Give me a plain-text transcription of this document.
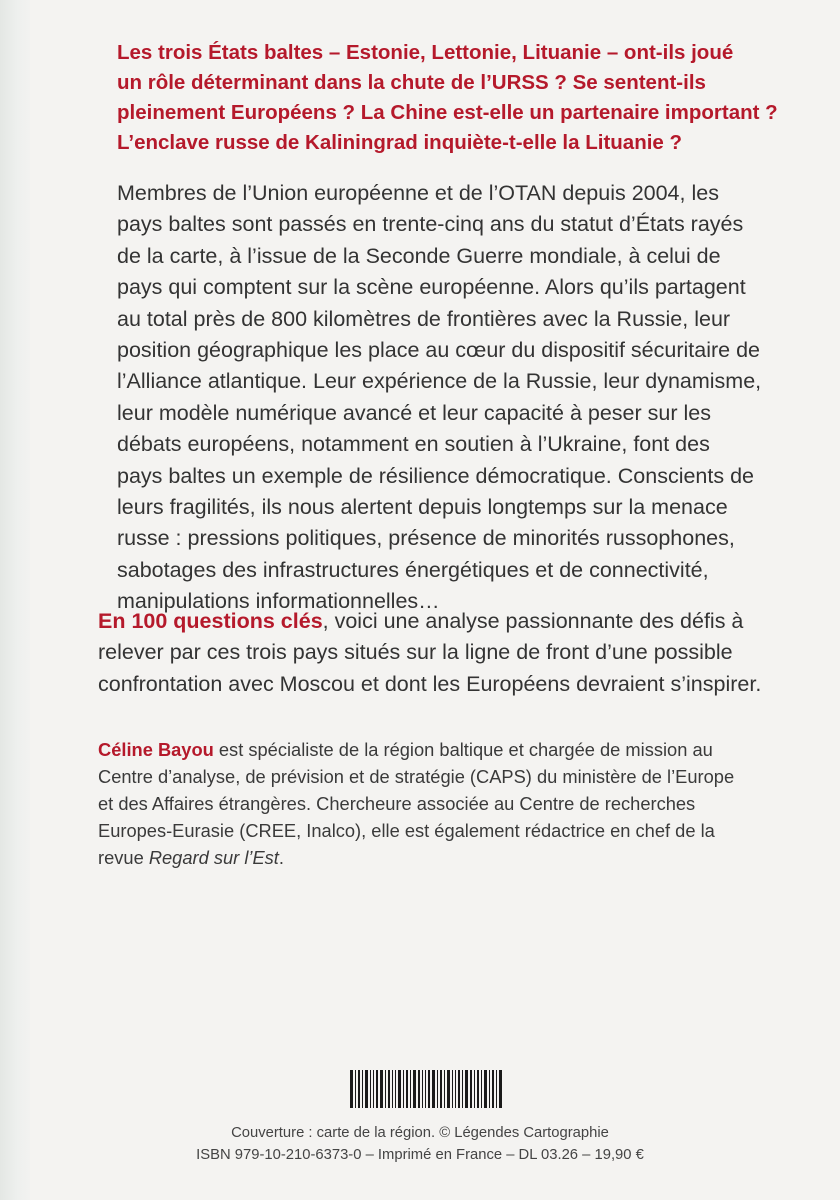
Les trois États baltes – Estonie, Lettonie, Lituanie – ont-ils joué
un rôle déterminant dans la chute de l’URSS ? Se sentent-ils
pleinement Européens ? La Chine est-elle un partenaire important ?
L’enclave russe de Kaliningrad inquiète-t-elle la Lituanie ?
Membres de l’Union européenne et de l’OTAN depuis 2004, les
pays baltes sont passés en trente-cinq ans du statut d’États rayés
de la carte, à l’issue de la Seconde Guerre mondiale, à celui de
pays qui comptent sur la scène européenne. Alors qu’ils partagent
au total près de 800 kilomètres de frontières avec la Russie, leur
position géographique les place au cœur du dispositif sécuritaire de
l’Alliance atlantique. Leur expérience de la Russie, leur dynamisme,
leur modèle numérique avancé et leur capacité à peser sur les
débats européens, notamment en soutien à l’Ukraine, font des
pays baltes un exemple de résilience démocratique. Conscients de
leurs fragilités, ils nous alertent depuis longtemps sur la menace
russe : pressions politiques, présence de minorités russophones,
sabotages des infrastructures énergétiques et de connectivité,
manipulations informationnelles…
En 100 questions clés, voici une analyse passionnante des défis à
relever par ces trois pays situés sur la ligne de front d’une possible
confrontation avec Moscou et dont les Européens devraient s’inspirer.
Céline Bayou est spécialiste de la région baltique et chargée de mission au
Centre d’analyse, de prévision et de stratégie (CAPS) du ministère de l’Europe
et des Affaires étrangères. Chercheure associée au Centre de recherches
Europes-Eurasie (CREE, Inalco), elle est également rédactrice en chef de la
revue Regard sur l’Est.
Couverture : carte de la région. © Légendes Cartographie
ISBN 979-10-210-6373-0 – Imprimé en France – DL 03.26 – 19,90 €
